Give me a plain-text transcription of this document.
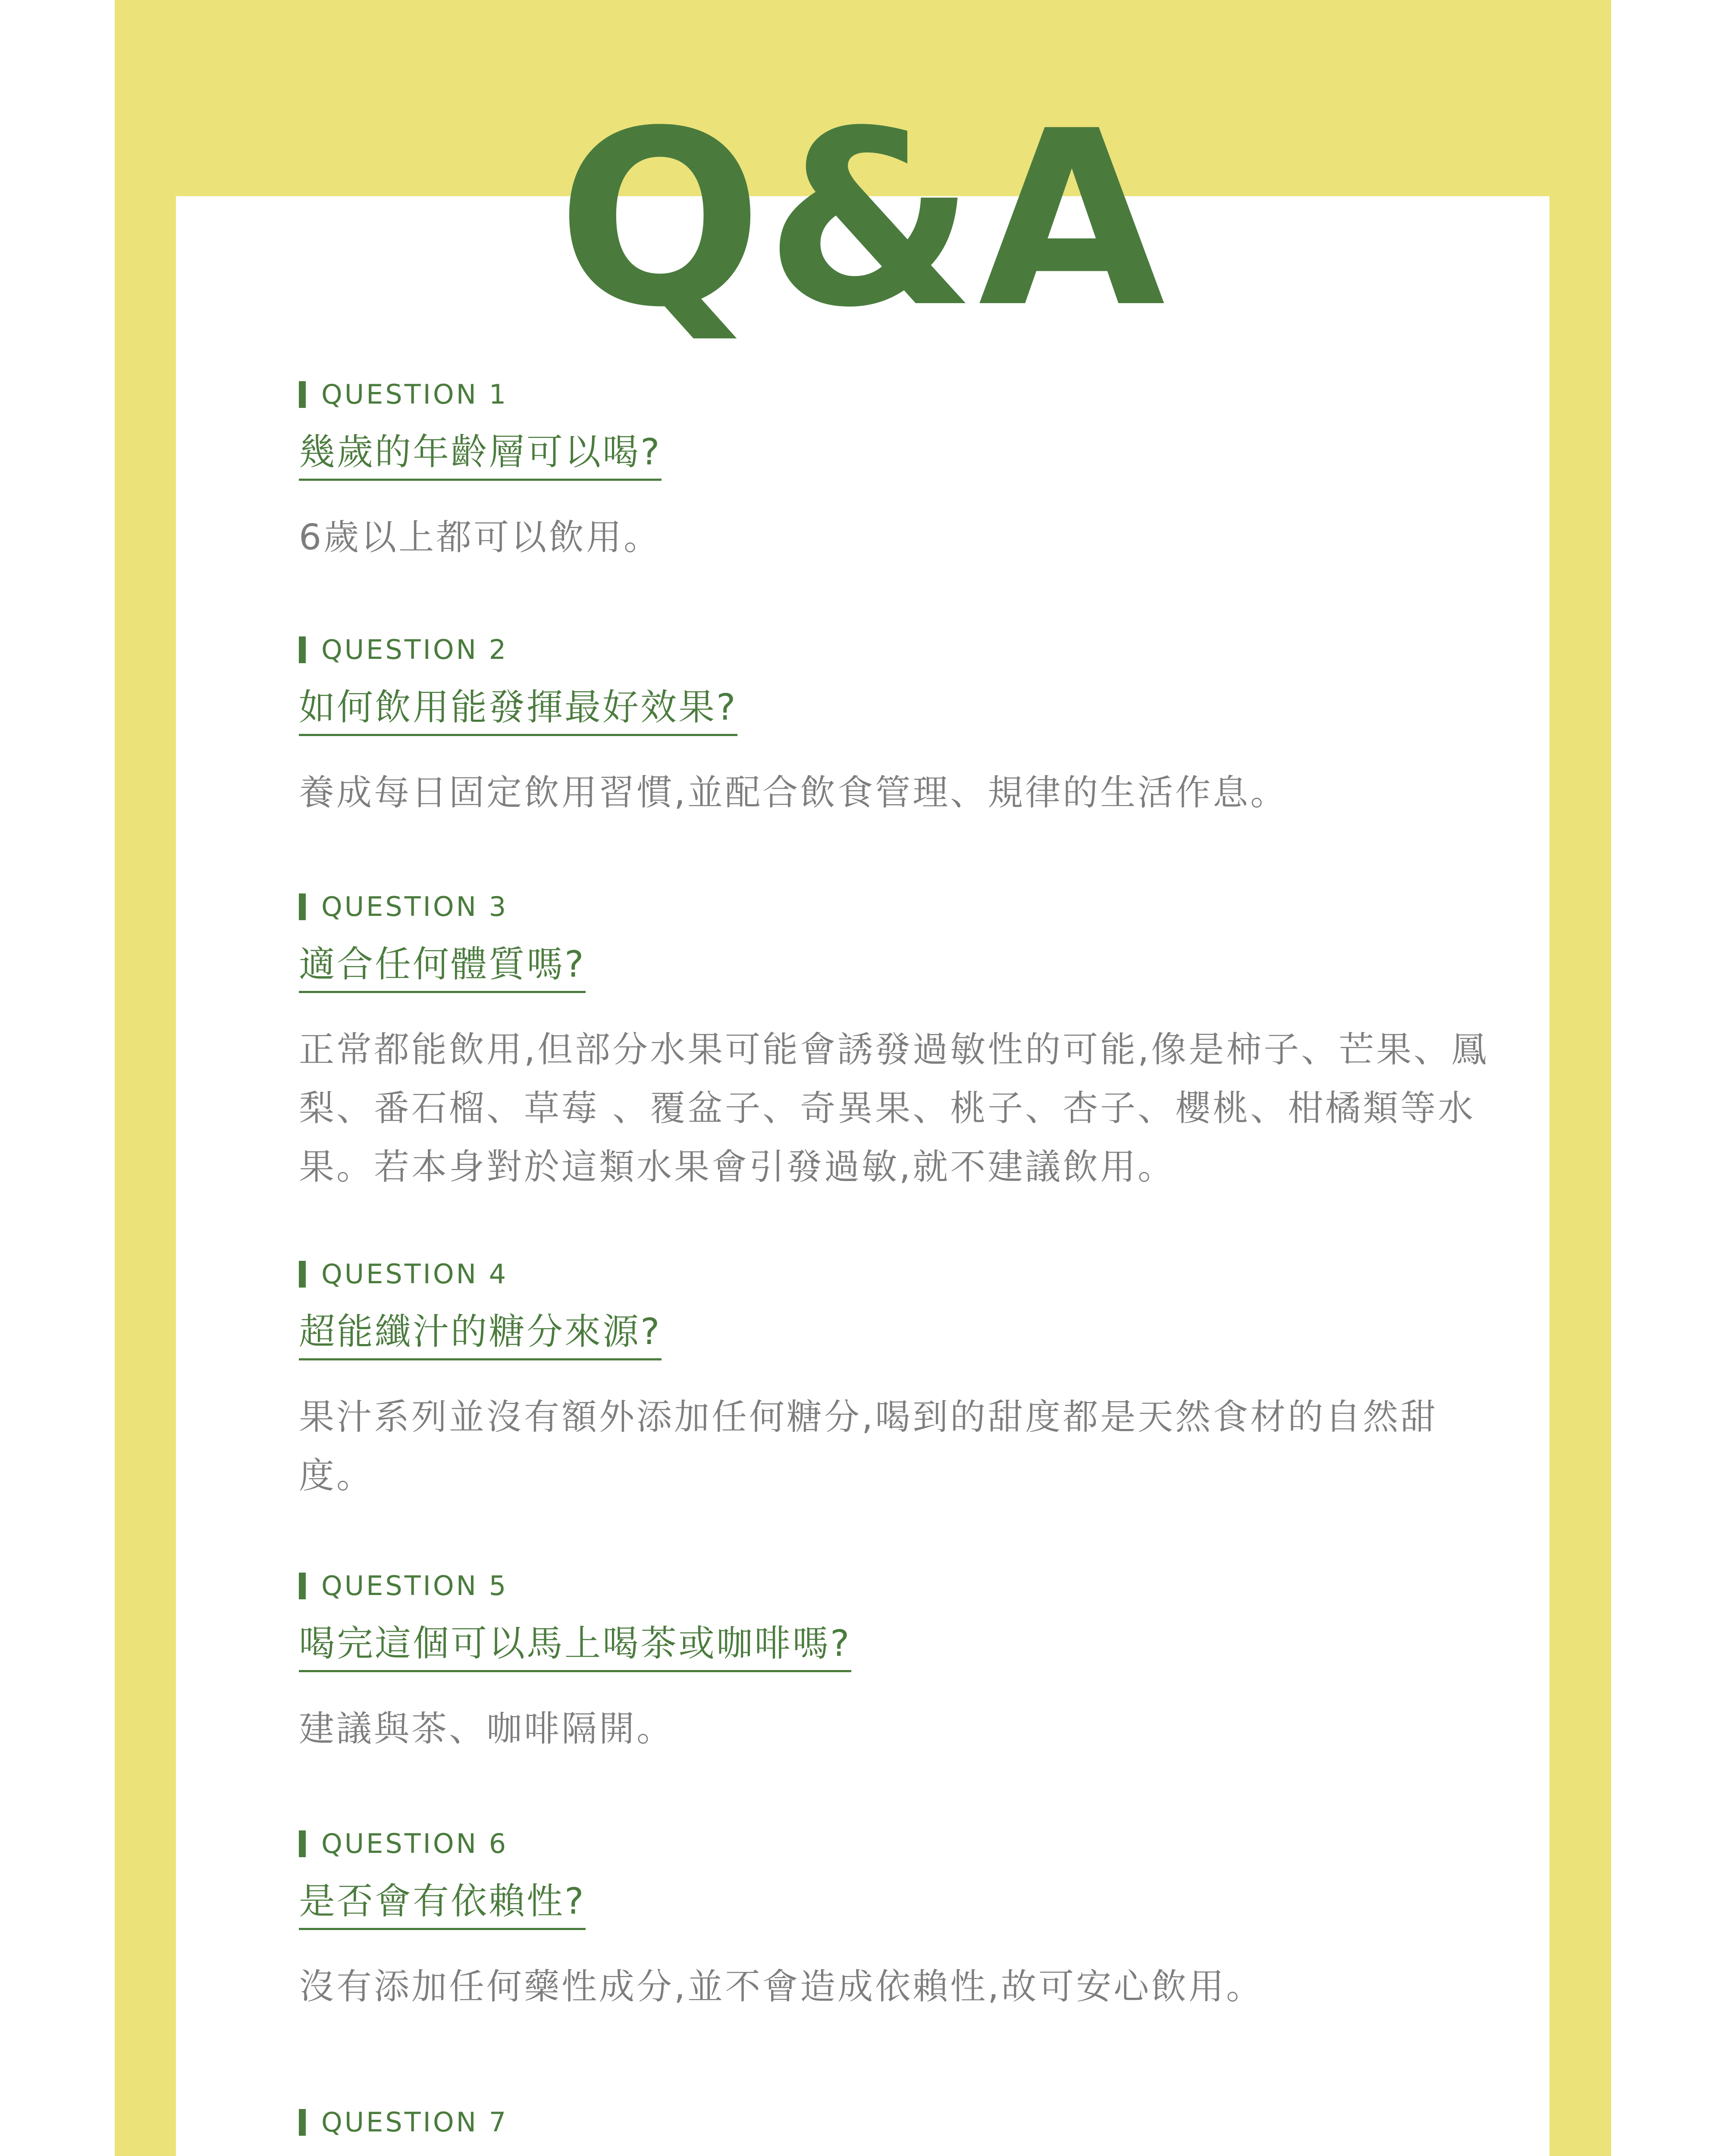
Q&A
QUESTION 1
幾歲的年齡層可以喝?
6歲以上都可以飲用。
QUESTION 2
如何飲用能發揮最好效果?
養成每日固定飲用習慣,並配合飲食管理、規律的生活作息。
QUESTION 3
適合任何體質嗎?
正常都能飲用,但部分水果可能會誘發過敏性的可能,像是柿子、芒果、鳳梨、番石榴、草莓 、覆盆子、奇異果、桃子、杏子、櫻桃、柑橘類等水果。若本身對於這類水果會引發過敏,就不建議飲用。
QUESTION 4
超能纖汁的糖分來源?
果汁系列並沒有額外添加任何糖分,喝到的甜度都是天然食材的自然甜度。
QUESTION 5
喝完這個可以馬上喝茶或咖啡嗎?
建議與茶、咖啡隔開。
QUESTION 6
是否會有依賴性?
沒有添加任何藥性成分,並不會造成依賴性,故可安心飲用。
QUESTION 7
